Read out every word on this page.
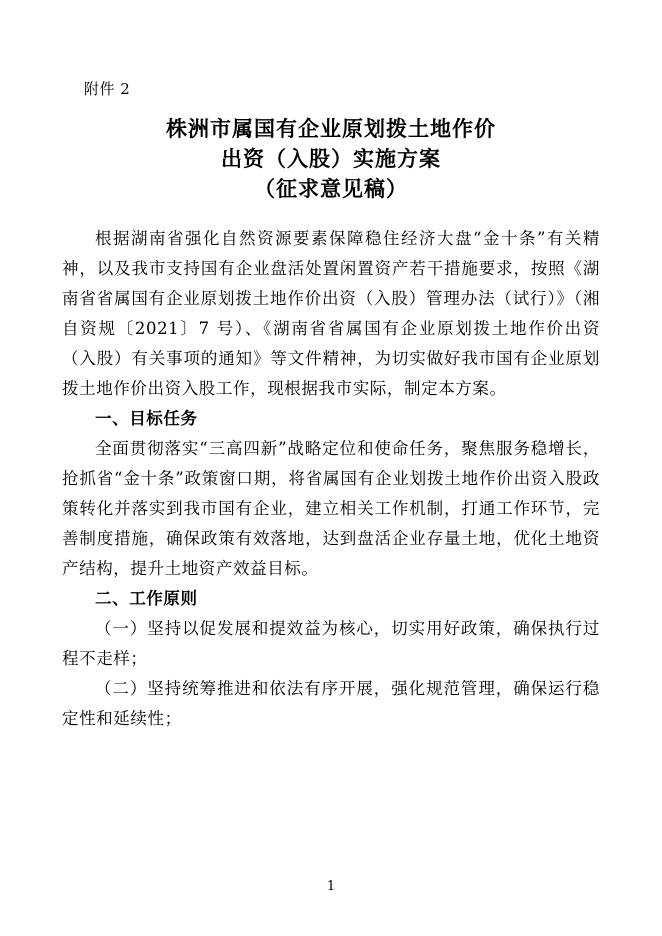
附件 2
株洲市属国有企业原划拨土地作价
出资（入股）实施方案
（征求意见稿）
根据湖南省强化自然资源要素保障稳住经济大盘“金十条”有关精神，以及我市支持国有企业盘活处置闲置资产若干措施要求，按照《湖南省省属国有企业原划拨土地作价出资（入股）管理办法（试行）》（湘自资规〔2021〕7 号）、《湖南省省属国有企业原划拨土地作价出资（入股）有关事项的通知》等文件精神，为切实做好我市国有企业原划拨土地作价出资入股工作，现根据我市实际，制定本方案。
一、目标任务
全面贯彻落实“三高四新”战略定位和使命任务，聚焦服务稳增长，抢抓省“金十条”政策窗口期，将省属国有企业划拨土地作价出资入股政策转化并落实到我市国有企业，建立相关工作机制，打通工作环节，完善制度措施，确保政策有效落地，达到盘活企业存量土地，优化土地资产结构，提升土地资产效益目标。
二、工作原则
（一）坚持以促发展和提效益为核心，切实用好政策，确保执行过程不走样；
（二）坚持统筹推进和依法有序开展，强化规范管理，确保运行稳定性和延续性；
1
